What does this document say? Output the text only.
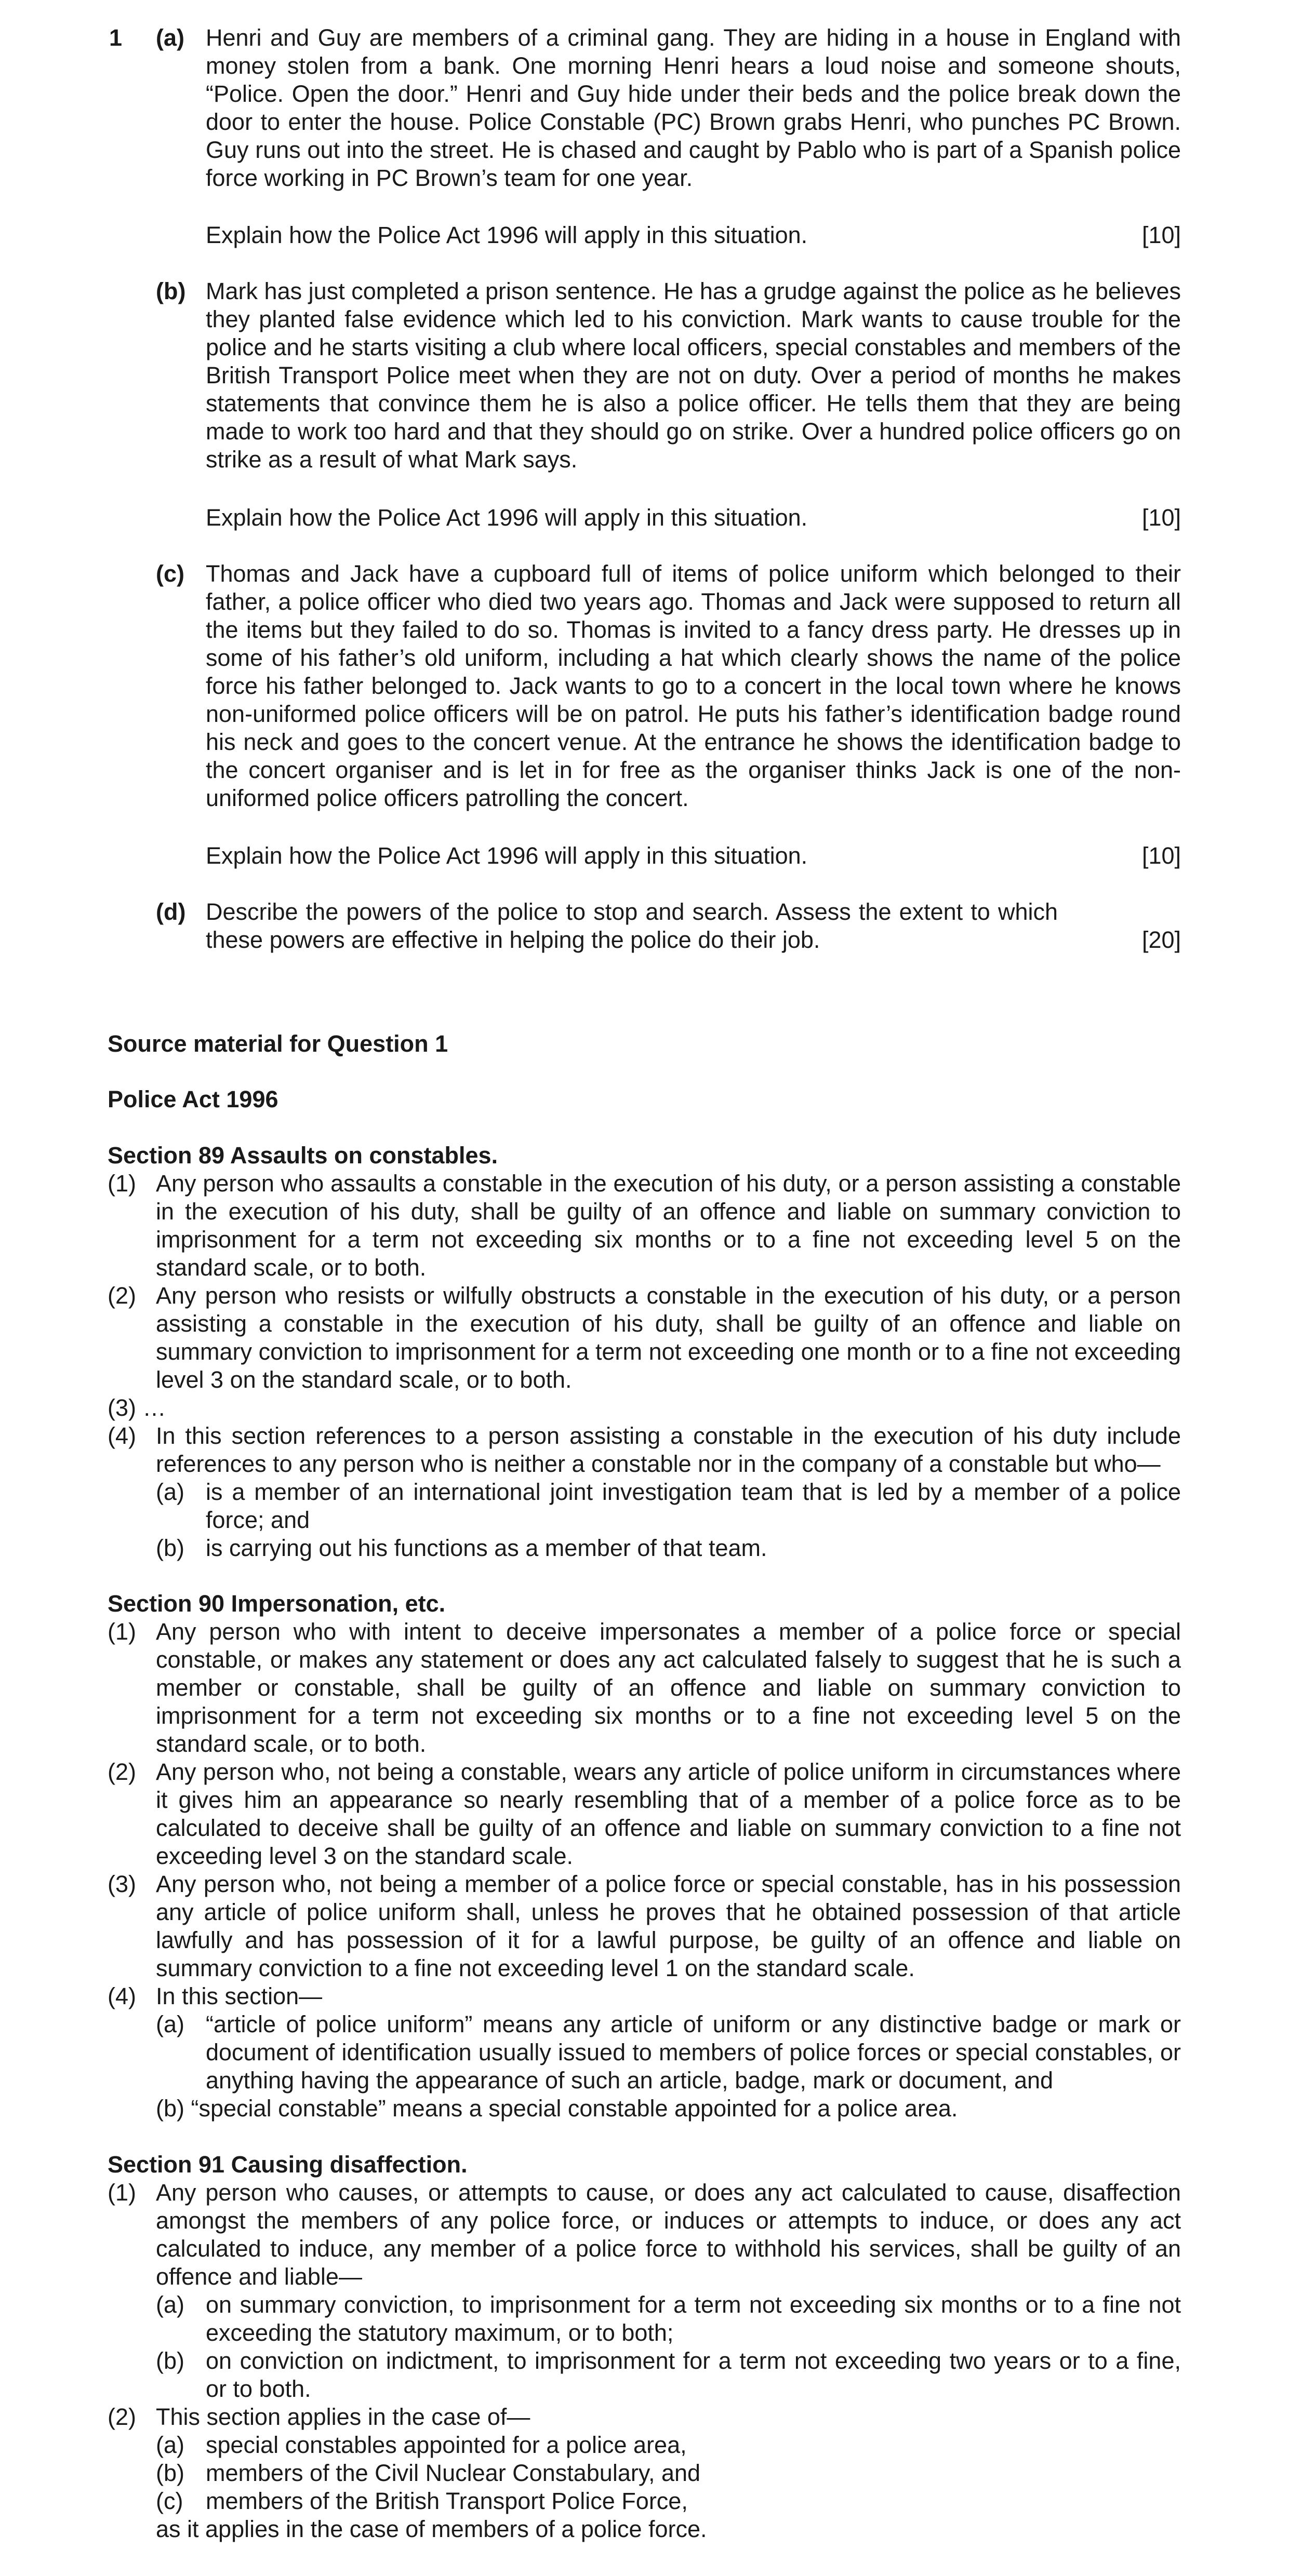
1 (a) Henri and Guy are members of a criminal gang. They are hiding in a house in England with money stolen from a bank. One morning Henri hears a loud noise and someone shouts, “Police. Open the door.” Henri and Guy hide under their beds and the police break down the door to enter the house. Police Constable (PC) Brown grabs Henri, who punches PC Brown. Guy runs out into the street. He is chased and caught by Pablo who is part of a Spanish police force working in PC Brown’s team for one year.

Explain how the Police Act 1996 will apply in this situation.	[10]
(b) Mark has just completed a prison sentence. He has a grudge against the police as he believes they planted false evidence which led to his conviction. Mark wants to cause trouble for the police and he starts visiting a club where local officers, special constables and members of the British Transport Police meet when they are not on duty. Over a period of months he makes statements that convince them he is also a police officer. He tells them that they are being made to work too hard and that they should go on strike. Over a hundred police officers go on strike as a result of what Mark says.

Explain how the Police Act 1996 will apply in this situation.	[10]
(c) Thomas and Jack have a cupboard full of items of police uniform which belonged to their father, a police officer who died two years ago. Thomas and Jack were supposed to return all the items but they failed to do so. Thomas is invited to a fancy dress party. He dresses up in some of his father’s old uniform, including a hat which clearly shows the name of the police force his father belonged to. Jack wants to go to a concert in the local town where he knows non-uniformed police officers will be on patrol. He puts his father’s identification badge round his neck and goes to the concert venue. At the entrance he shows the identification badge to the concert organiser and is let in for free as the organiser thinks Jack is one of the non-uniformed police officers patrolling the concert.

Explain how the Police Act 1996 will apply in this situation.	[10]
(d) Describe the powers of the police to stop and search. Assess the extent to which these powers are effective in helping the police do their job.	[20]
Source material for Question 1
Police Act 1996
Section 89 Assaults on constables.
(1) Any person who assaults a constable in the execution of his duty, or a person assisting a constable in the execution of his duty, shall be guilty of an offence and liable on summary conviction to imprisonment for a term not exceeding six months or to a fine not exceeding level 5 on the standard scale, or to both.

(2) Any person who resists or wilfully obstructs a constable in the execution of his duty, or a person assisting a constable in the execution of his duty, shall be guilty of an offence and liable on summary conviction to imprisonment for a term not exceeding one month or to a fine not exceeding level 3 on the standard scale, or to both.

(3) …
(4) In this section references to a person assisting a constable in the execution of his duty include references to any person who is neither a constable nor in the company of a constable but who—

(a) is a member of an international joint investigation team that is led by a member of a police force; and

(b) is carrying out his functions as a member of that team.

Section 90 Impersonation, etc.
(1) Any person who with intent to deceive impersonates a member of a police force or special constable, or makes any statement or does any act calculated falsely to suggest that he is such a member or constable, shall be guilty of an offence and liable on summary conviction to imprisonment for a term not exceeding six months or to a fine not exceeding level 5 on the standard scale, or to both.

(2) Any person who, not being a constable, wears any article of police uniform in circumstances where it gives him an appearance so nearly resembling that of a member of a police force as to be calculated to deceive shall be guilty of an offence and liable on summary conviction to a fine not exceeding level 3 on the standard scale.

(3) Any person who, not being a member of a police force or special constable, has in his possession any article of police uniform shall, unless he proves that he obtained possession of that article lawfully and has possession of it for a lawful purpose, be guilty of an offence and liable on summary conviction to a fine not exceeding level 1 on the standard scale.

(4) In this section—
(a) “article of police uniform” means any article of uniform or any distinctive badge or mark or document of identification usually issued to members of police forces or special constables, or anything having the appearance of such an article, badge, mark or document, and

(b) “special constable” means a special constable appointed for a police area.
Section 91 Causing disaffection.
(1) Any person who causes, or attempts to cause, or does any act calculated to cause, disaffection amongst the members of any police force, or induces or attempts to induce, or does any act calculated to induce, any member of a police force to withhold his services, shall be guilty of an offence and liable—

(a) on summary conviction, to imprisonment for a term not exceeding six months or to a fine not exceeding the statutory maximum, or to both;

(b) on conviction on indictment, to imprisonment for a term not exceeding two years or to a fine, or to both.

(2) This section applies in the case of—
(a) special constables appointed for a police area,
(b) members of the Civil Nuclear Constabulary, and
(c) members of the British Transport Police Force,
as it applies in the case of members of a police force.
